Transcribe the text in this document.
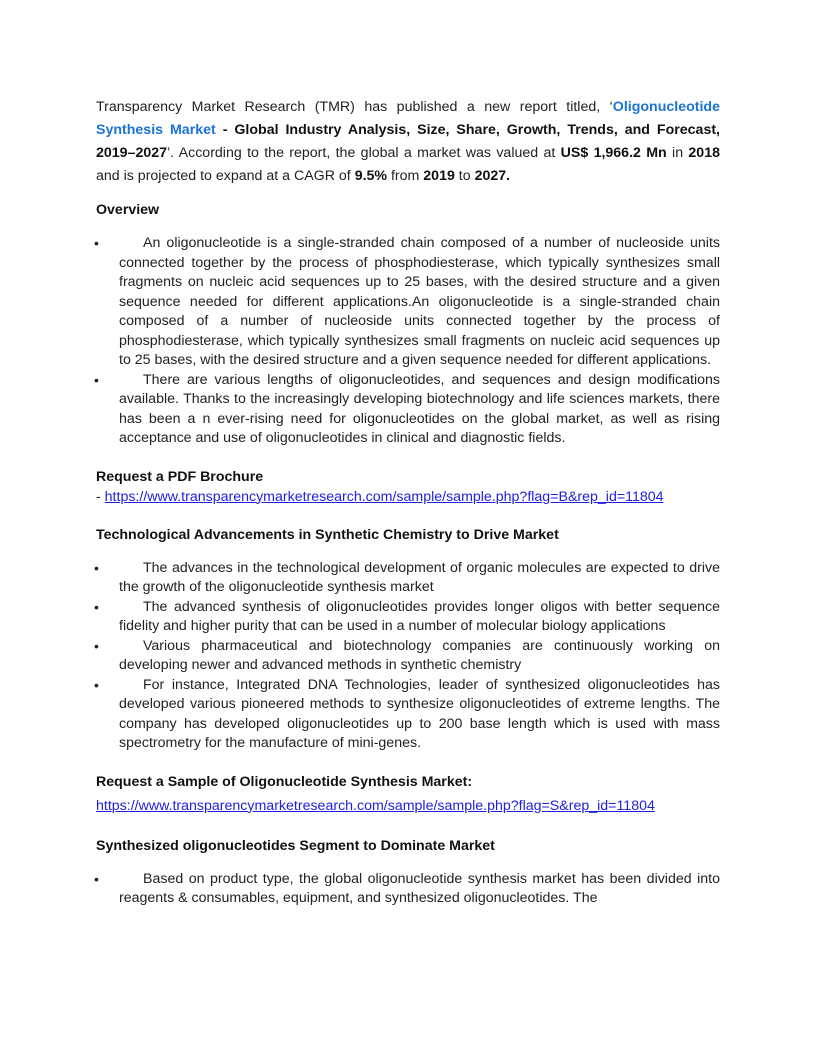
Transparency Market Research (TMR) has published a new report titled, ‘Oligonucleotide Synthesis Market - Global Industry Analysis, Size, Share, Growth, Trends, and Forecast, 2019–2027’. According to the report, the global a market was valued at US$ 1,966.2 Mn in 2018 and is projected to expand at a CAGR of 9.5% from 2019 to 2027.

Overview
•	An oligonucleotide is a single-stranded chain composed of a number of nucleoside units connected together by the process of phosphodiesterase, which typically synthesizes small fragments on nucleic acid sequences up to 25 bases, with the desired structure and a given sequence needed for different applications.An oligonucleotide is a single-stranded chain composed of a number of nucleoside units connected together by the process of phosphodiesterase, which typically synthesizes small fragments on nucleic acid sequences up to 25 bases, with the desired structure and a given sequence needed for different applications.
•	There are various lengths of oligonucleotides, and sequences and design modifications available. Thanks to the increasingly developing biotechnology and life sciences markets, there has been a n ever-rising need for oligonucleotides on the global market, as well as rising acceptance and use of oligonucleotides in clinical and diagnostic fields.
Request a PDF Brochure
- https://www.transparencymarketresearch.com/sample/sample.php?flag=B&rep_id=11804
Technological Advancements in Synthetic Chemistry to Drive Market
•	The advances in the technological development of organic molecules are expected to drive the growth of the oligonucleotide synthesis market
•	The advanced synthesis of oligonucleotides provides longer oligos with better sequence fidelity and higher purity that can be used in a number of molecular biology applications
•	Various pharmaceutical and biotechnology companies are continuously working on developing newer and advanced methods in synthetic chemistry
•	For instance, Integrated DNA Technologies, leader of synthesized oligonucleotides has developed various pioneered methods to synthesize oligonucleotides of extreme lengths. The company has developed oligonucleotides up to 200 base length which is used with mass spectrometry for the manufacture of mini-genes.
Request a Sample of Oligonucleotide Synthesis Market:
https://www.transparencymarketresearch.com/sample/sample.php?flag=S&rep_id=11804
Synthesized oligonucleotides Segment to Dominate Market
•	Based on product type, the global oligonucleotide synthesis market has been divided into reagents & consumables, equipment, and synthesized oligonucleotides. The
